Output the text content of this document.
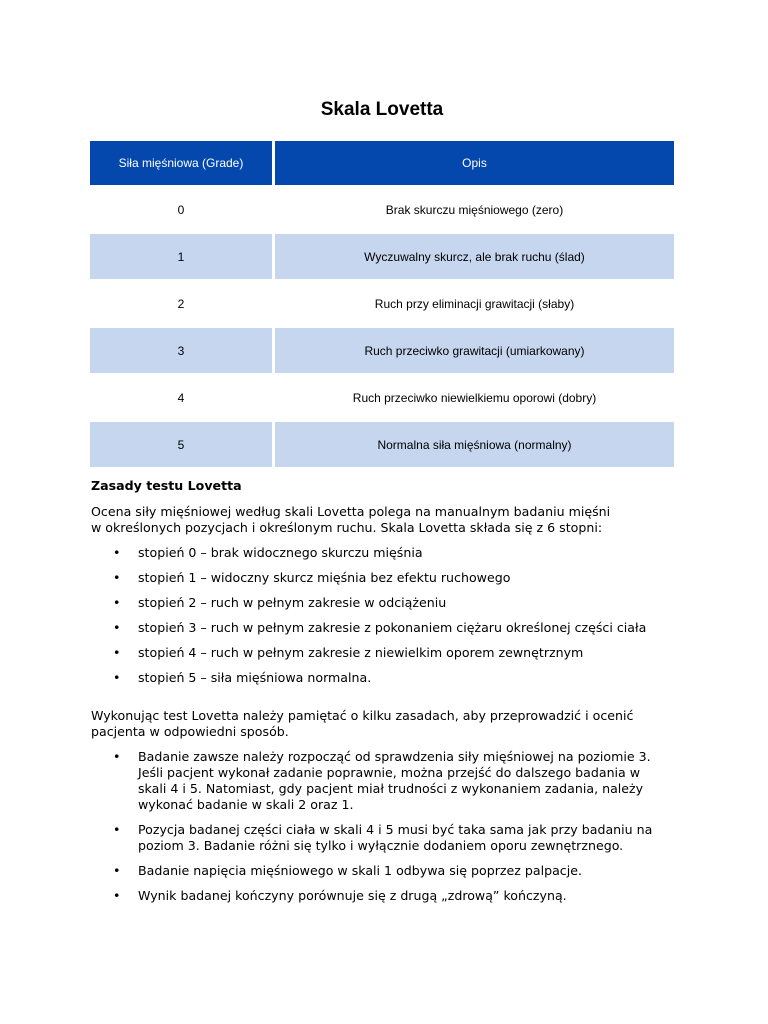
Skala Lovetta
Siła mięśniowa (Grade)	Opis
0	Brak skurczu mięśniowego (zero)
1	Wyczuwalny skurcz, ale brak ruchu (ślad)
2	Ruch przy eliminacji grawitacji (słaby)
3	Ruch przeciwko grawitacji (umiarkowany)
4	Ruch przeciwko niewielkiemu oporowi (dobry)
5	Normalna siła mięśniowa (normalny)
Zasady testu Lovetta

Ocena siły mięśniowej według skali Lovetta polega na manualnym badaniu mięśni
w określonych pozycjach i określonym ruchu. Skala Lovetta składa się z 6 stopni:

• stopień 0 – brak widocznego skurczu mięśnia
• stopień 1 – widoczny skurcz mięśnia bez efektu ruchowego
• stopień 2 – ruch w pełnym zakresie w odciążeniu
• stopień 3 – ruch w pełnym zakresie z pokonaniem ciężaru określonej części ciała
• stopień 4 – ruch w pełnym zakresie z niewielkim oporem zewnętrznym
• stopień 5 – siła mięśniowa normalna.

Wykonując test Lovetta należy pamiętać o kilku zasadach, aby przeprowadzić i ocenić
pacjenta w odpowiedni sposób.

• Badanie zawsze należy rozpocząć od sprawdzenia siły mięśniowej na poziomie 3.
Jeśli pacjent wykonał zadanie poprawnie, można przejść do dalszego badania w
skali 4 i 5. Natomiast, gdy pacjent miał trudności z wykonaniem zadania, należy
wykonać badanie w skali 2 oraz 1.
• Pozycja badanej części ciała w skali 4 i 5 musi być taka sama jak przy badaniu na
poziom 3. Badanie różni się tylko i wyłącznie dodaniem oporu zewnętrznego.
• Badanie napięcia mięśniowego w skali 1 odbywa się poprzez palpacje.
• Wynik badanej kończyny porównuje się z drugą „zdrową” kończyną.
